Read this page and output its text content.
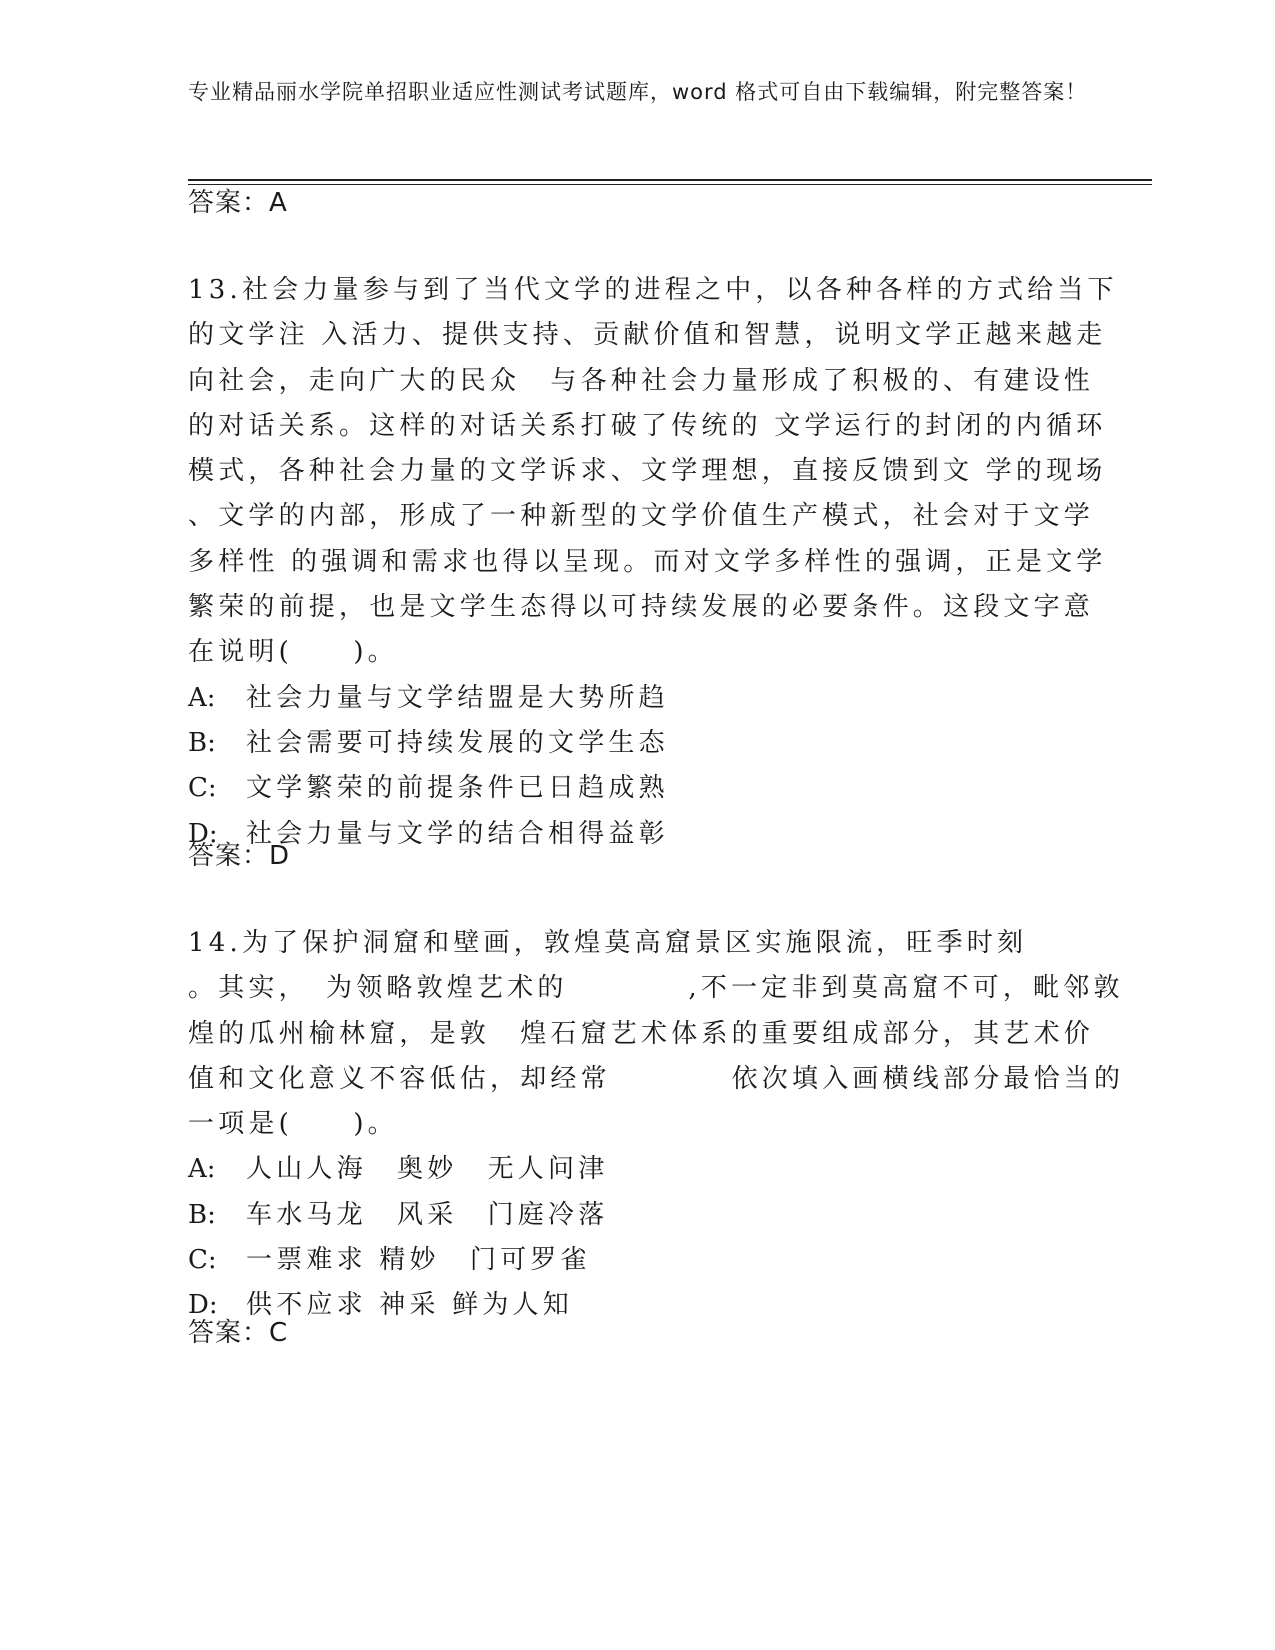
专业精品丽水学院单招职业适应性测试考试题库，word 格式可自由下载编辑，附完整答案！
答案：A
13.社会力量参与到了当代文学的进程之中，以各种各样的方式给当下
的文学注 入活力、提供支持、贡献价值和智慧，说明文学正越来越走
向社会，走向广大的民众　与各种社会力量形成了积极的、有建设性
的对话关系。这样的对话关系打破了传统的 文学运行的封闭的内循环
模式，各种社会力量的文学诉求、文学理想，直接反馈到文 学的现场
、文学的内部，形成了一种新型的文学价值生产模式，社会对于文学
多样性 的强调和需求也得以呈现。而对文学多样性的强调，正是文学
繁荣的前提，也是文学生态得以可持续发展的必要条件。这段文字意
在说明(　　)。
A: 社会力量与文学结盟是大势所趋
B: 社会需要可持续发展的文学生态
C: 文学繁荣的前提条件已日趋成熟
D: 社会力量与文学的结合相得益彰
答案：D
14.为了保护洞窟和壁画，敦煌莫高窟景区实施限流，旺季时刻
。其实，　为领略敦煌艺术的　　　　,不一定非到莫高窟不可，毗邻敦
煌的瓜州榆林窟，是敦　煌石窟艺术体系的重要组成部分，其艺术价
值和文化意义不容低估，却经常　　　　依次填入画横线部分最恰当的
一项是(　　)。
A: 人山人海　奥妙　无人问津
B: 车水马龙　风采　门庭冷落
C: 一票难求 精妙　门可罗雀
D: 供不应求 神采 鲜为人知
答案：C
